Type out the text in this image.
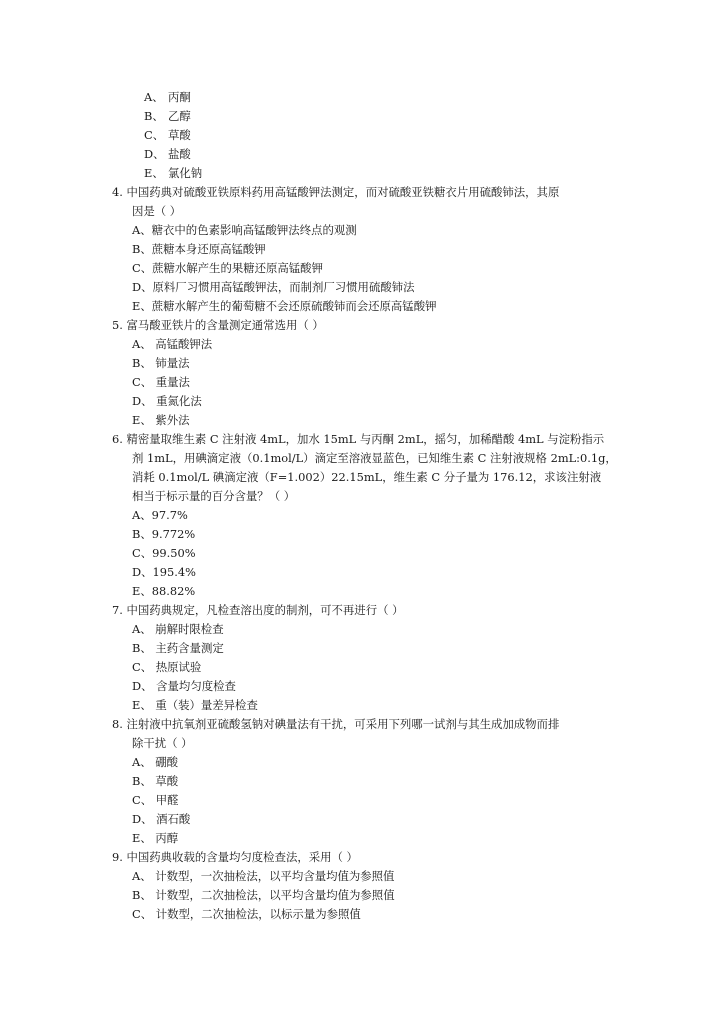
A、 丙酮
B、 乙醇
C、 草酸
D、 盐酸
E、 氯化钠
4. 中国药典对硫酸亚铁原料药用高锰酸钾法测定，而对硫酸亚铁糖衣片用硫酸铈法，其原
因是（ ）
A、糖衣中的色素影响高锰酸钾法终点的观测
B、蔗糖本身还原高锰酸钾
C、蔗糖水解产生的果糖还原高锰酸钾
D、原料厂习惯用高锰酸钾法，而制剂厂习惯用硫酸铈法
E、蔗糖水解产生的葡萄糖不会还原硫酸铈而会还原高锰酸钾
5. 富马酸亚铁片的含量测定通常选用（ ）
A、 高锰酸钾法
B、 铈量法
C、 重量法
D、 重氮化法
E、 紫外法
6. 精密量取维生素 C 注射液 4mL，加水 15mL 与丙酮 2mL，摇匀，加稀醋酸 4mL 与淀粉指示
剂 1mL，用碘滴定液（0.1mol/L）滴定至溶液显蓝色，已知维生素 C 注射液规格 2mL:0.1g，
消耗 0.1mol/L 碘滴定液（F=1.002）22.15mL，维生素 C 分子量为 176.12，求该注射液
相当于标示量的百分含量？（ ）
A、97.7%
B、9.772%
C、99.50%
D、195.4%
E、88.82%
7. 中国药典规定，凡检查溶出度的制剂，可不再进行（ ）
A、 崩解时限检查
B、 主药含量测定
C、 热原试验
D、 含量均匀度检查
E、 重（装）量差异检查
8. 注射液中抗氧剂亚硫酸氢钠对碘量法有干扰，可采用下列哪一试剂与其生成加成物而排
除干扰（ ）
A、 硼酸
B、 草酸
C、 甲醛
D、 酒石酸
E、 丙醇
9. 中国药典收载的含量均匀度检查法，采用（ ）
A、 计数型，一次抽检法，以平均含量均值为参照值
B、 计数型，二次抽检法，以平均含量均值为参照值
C、 计数型，二次抽检法，以标示量为参照值
